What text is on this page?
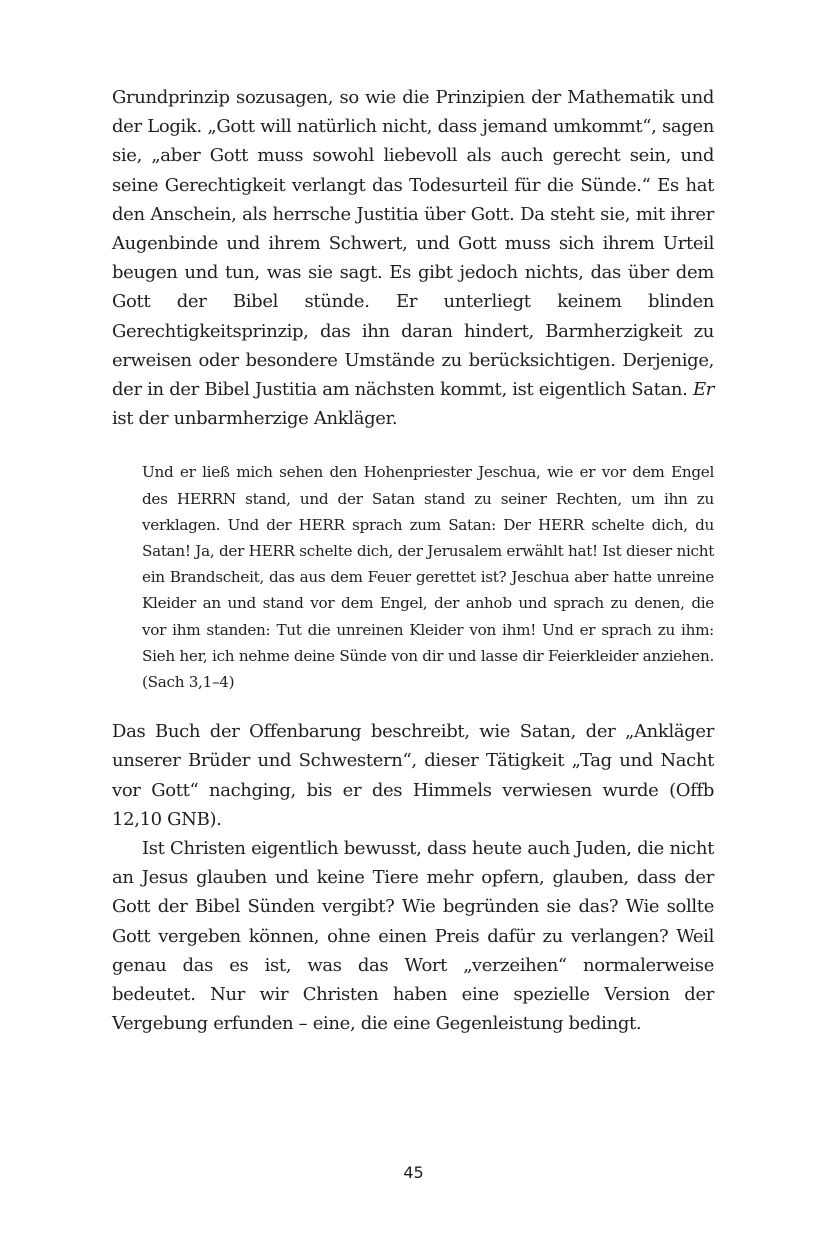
Grundprinzip sozusagen, so wie die Prinzipien der Mathematik und der Logik. „Gott will natürlich nicht, dass jemand umkommt“, sagen sie, „aber Gott muss sowohl liebevoll als auch gerecht sein, und seine Gerechtigkeit verlangt das Todesurteil für die Sünde.“ Es hat den Anschein, als herrsche Justitia über Gott. Da steht sie, mit ihrer Augenbinde und ihrem Schwert, und Gott muss sich ihrem Urteil beugen und tun, was sie sagt. Es gibt jedoch nichts, das über dem Gott der Bibel stünde. Er unterliegt keinem blinden Gerechtigkeitsprinzip, das ihn daran hindert, Barmherzigkeit zu erweisen oder besondere Umstände zu berücksichtigen. Derjenige, der in der Bibel Justitia am nächsten kommt, ist eigentlich Satan. Er ist der unbarmherzige Ankläger.

Und er ließ mich sehen den Hohenpriester Jeschua, wie er vor dem Engel des HERRN stand, und der Satan stand zu seiner Rechten, um ihn zu verklagen. Und der HERR sprach zum Satan: Der HERR schelte dich, du Satan! Ja, der HERR schelte dich, der Jerusalem erwählt hat! Ist dieser nicht ein Brandscheit, das aus dem Feuer gerettet ist? Jeschua aber hatte unreine Kleider an und stand vor dem Engel, der anhob und sprach zu denen, die vor ihm standen: Tut die unreinen Kleider von ihm! Und er sprach zu ihm: Sieh her, ich nehme deine Sünde von dir und lasse dir Feierkleider anziehen. (Sach 3,1–4)

Das Buch der Offenbarung beschreibt, wie Satan, der „Ankläger unserer Brüder und Schwestern“, dieser Tätigkeit „Tag und Nacht vor Gott“ nachging, bis er des Himmels verwiesen wurde (Offb 12,10 GNB).

Ist Christen eigentlich bewusst, dass heute auch Juden, die nicht an Jesus glauben und keine Tiere mehr opfern, glauben, dass der Gott der Bibel Sünden vergibt? Wie begründen sie das? Wie sollte Gott vergeben können, ohne einen Preis dafür zu verlangen? Weil genau das es ist, was das Wort „verzeihen“ normalerweise bedeutet. Nur wir Christen haben eine spezielle Version der Vergebung erfunden – eine, die eine Gegenleistung bedingt.

45
